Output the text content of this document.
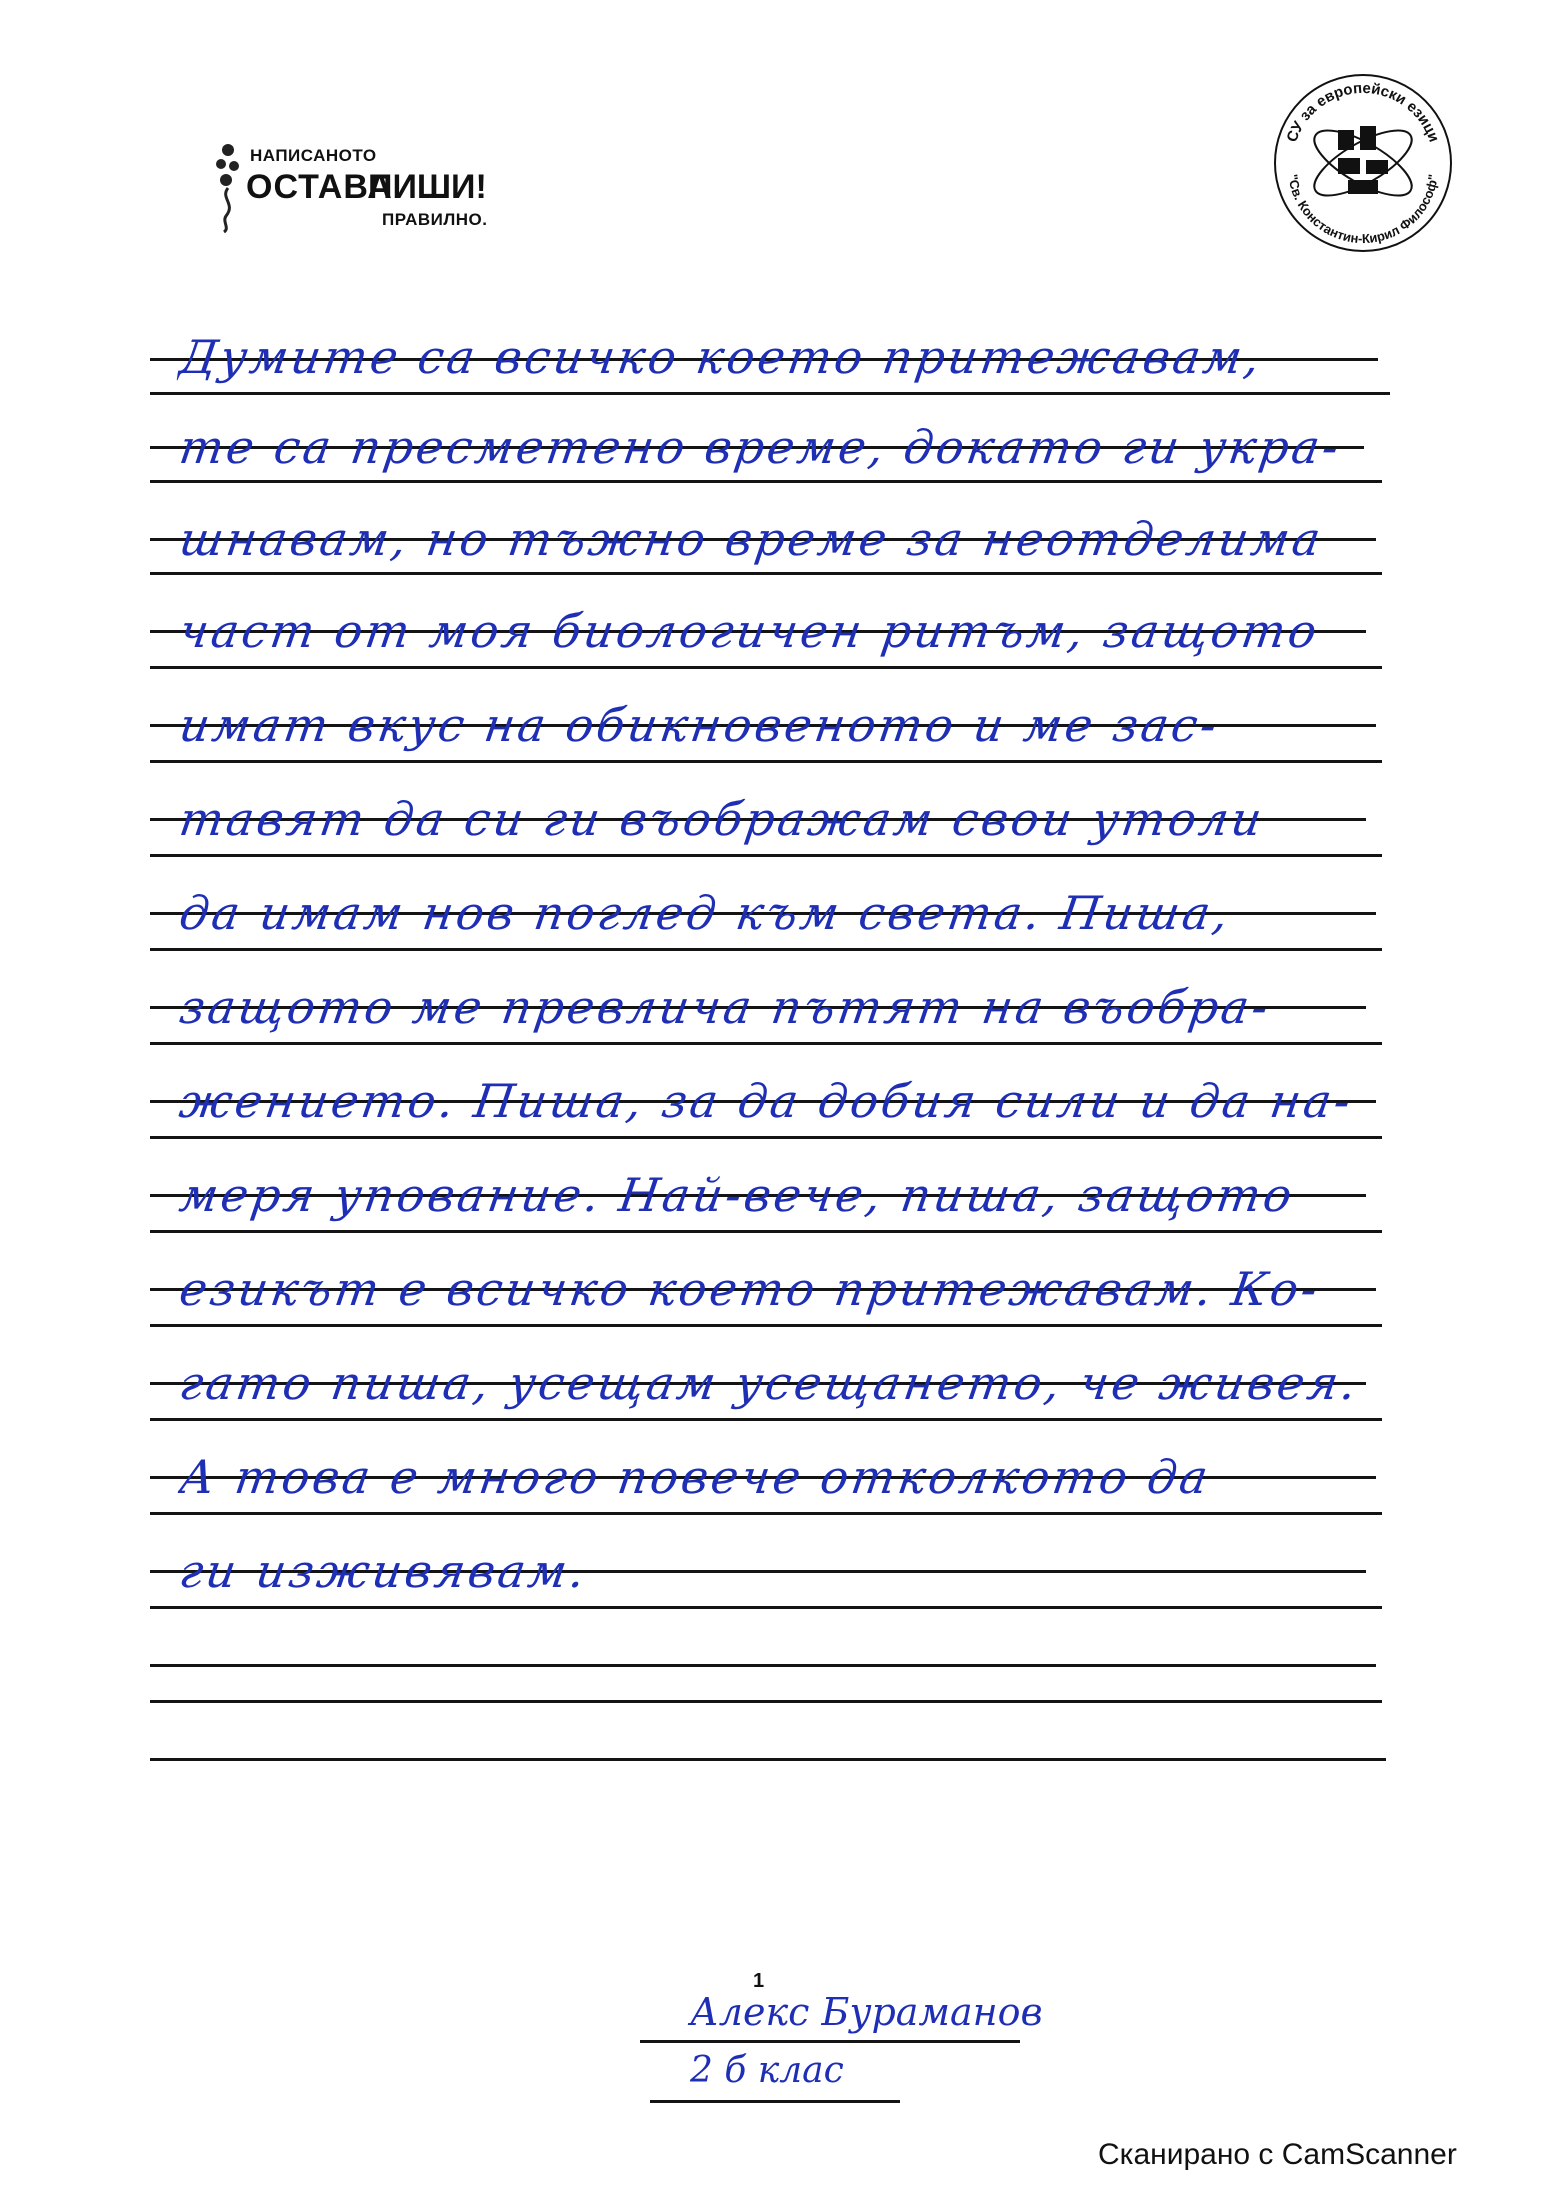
НАПИСАНОТО
ОСТАВА
ПИШИ!
ПРАВИЛНО.
СУ за европейски езици
"Св. Константин-Кирил Философ"
Думите са всичко което притежавам,
те са пресметено време, докато ги укра-
шнавам, но тъжно време за неотделима
част от моя биологичен ритъм, защото
имат вкус на обикновеното и ме зас-
тавят да си ги въображам свои утоли
да имам нов поглед към света. Пиша,
защото ме превлича пътят на въобра-
жението. Пиша, за да добия сили и да на-
меря упование. Най-вече, пиша, защото
езикът е всичко което притежавам. Ко-
гато пиша, усещам усещането, че живея.
А това е много повече отколкото да
ги изживявам.
1
Алекс Бураманов
2 б клас
Сканирано с CamScanner
